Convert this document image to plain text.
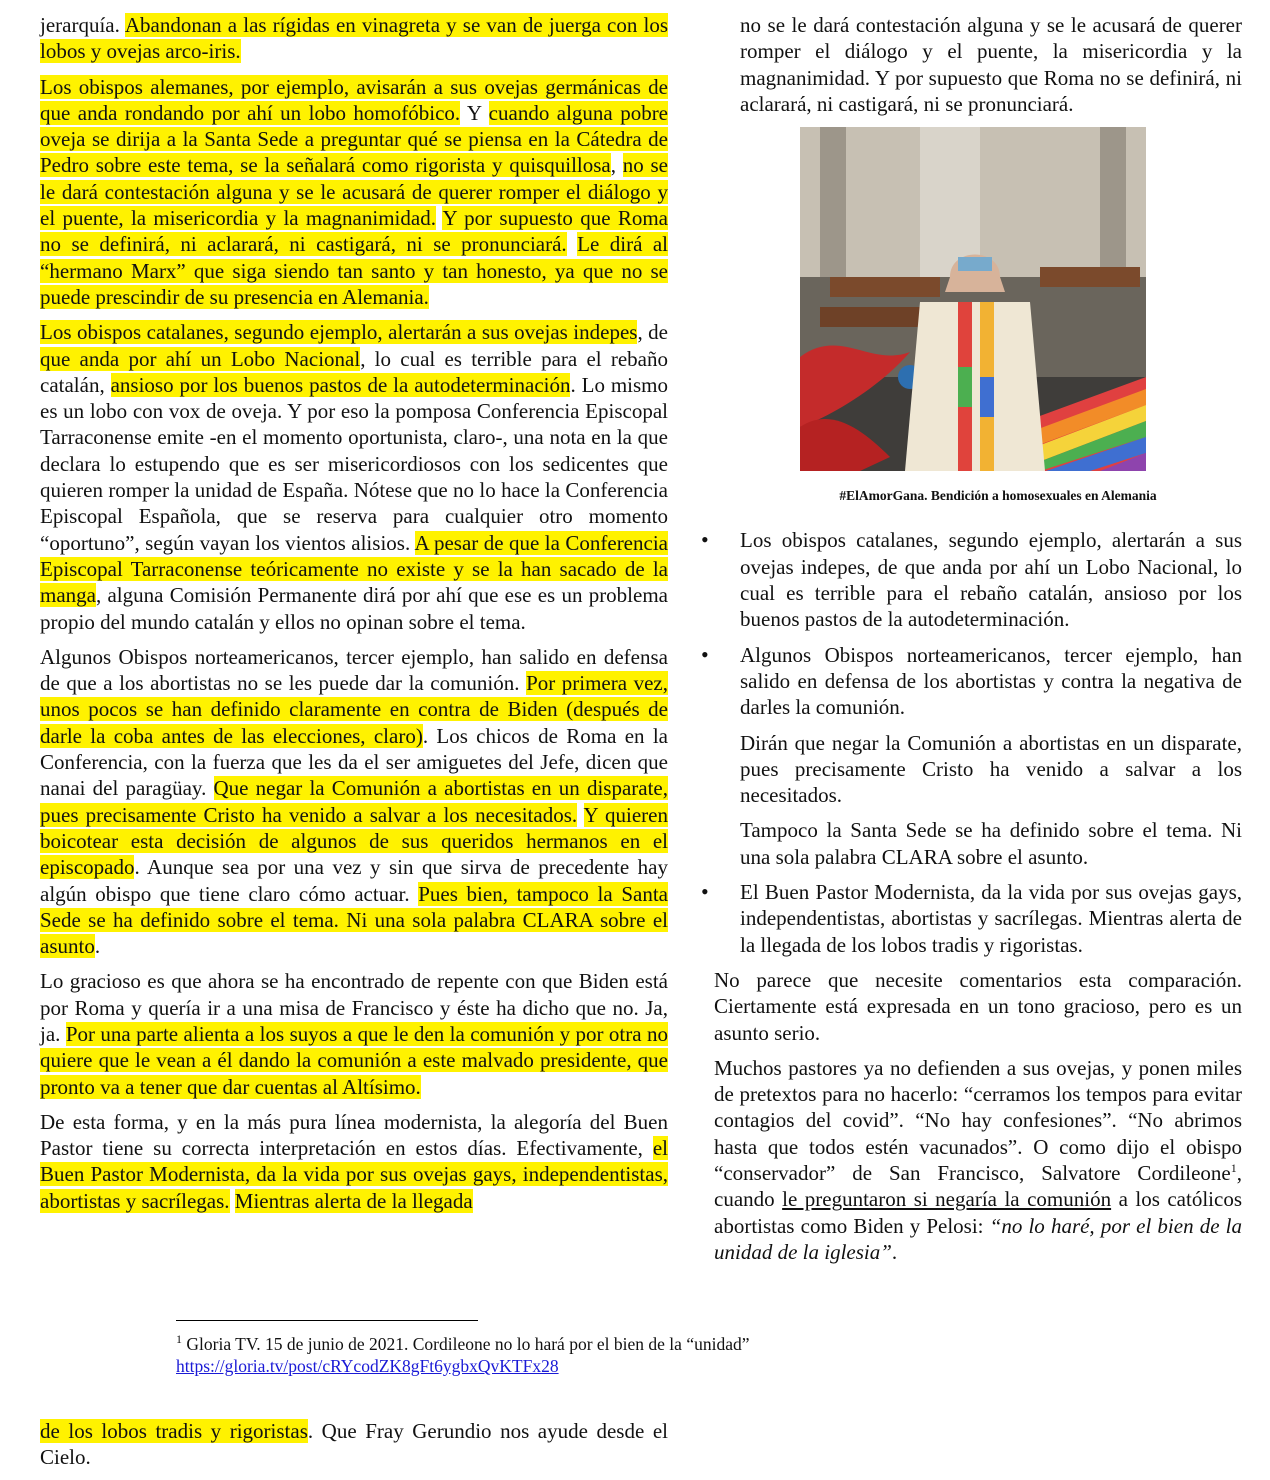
jerarquía. Abandonan a las rígidas en vinagreta y se van de juerga con los lobos y ovejas arco-iris.

Los obispos alemanes, por ejemplo, avisarán a sus ovejas germánicas de que anda rondando por ahí un lobo homofóbico. Y cuando alguna pobre oveja se dirija a la Santa Sede a preguntar qué se piensa en la Cátedra de Pedro sobre este tema, se la señalará como rigorista y quisquillosa, no se le dará contestación alguna y se le acusará de querer romper el diálogo y el puente, la misericordia y la magnanimidad. Y por supuesto que Roma no se definirá, ni aclarará, ni castigará, ni se pronunciará. Le dirá al “hermano Marx” que siga siendo tan santo y tan honesto, ya que no se puede prescindir de su presencia en Alemania.

Los obispos catalanes, segundo ejemplo, alertarán a sus ovejas indepes, de que anda por ahí un Lobo Nacional, lo cual es terrible para el rebaño catalán, ansioso por los buenos pastos de la autodeterminación. Lo mismo es un lobo con vox de oveja. Y por eso la pomposa Conferencia Episcopal Tarraconense emite -en el momento oportunista, claro-, una nota en la que declara lo estupendo que es ser misericordiosos con los sedicentes que quieren romper la unidad de España. Nótese que no lo hace la Conferencia Episcopal Española, que se reserva para cualquier otro momento “oportuno”, según vayan los vientos alisios. A pesar de que la Conferencia Episcopal Tarraconense teóricamente no existe y se la han sacado de la manga, alguna Comisión Permanente dirá por ahí que ese es un problema propio del mundo catalán y ellos no opinan sobre el tema.

Algunos Obispos norteamericanos, tercer ejemplo, han salido en defensa de que a los abortistas no se les puede dar la comunión. Por primera vez, unos pocos se han definido claramente en contra de Biden (después de darle la coba antes de las elecciones, claro). Los chicos de Roma en la Conferencia, con la fuerza que les da el ser amiguetes del Jefe, dicen que nanai del paragüay. Que negar la Comunión a abortistas en un disparate, pues precisamente Cristo ha venido a salvar a los necesitados. Y quieren boicotear esta decisión de algunos de sus queridos hermanos en el episcopado. Aunque sea por una vez y sin que sirva de precedente hay algún obispo que tiene claro cómo actuar. Pues bien, tampoco la Santa Sede se ha definido sobre el tema. Ni una sola palabra CLARA sobre el asunto.

Lo gracioso es que ahora se ha encontrado de repente con que Biden está por Roma y quería ir a una misa de Francisco y éste ha dicho que no. Ja, ja. Por una parte alienta a los suyos a que le den la comunión y por otra no quiere que le vean a él dando la comunión a este malvado presidente, que pronto va a tener que dar cuentas al Altísimo.

De esta forma, y en la más pura línea modernista, la alegoría del Buen Pastor tiene su correcta interpretación en estos días. Efectivamente, el Buen Pastor Modernista, da la vida por sus ovejas gays, independentistas, abortistas y sacrílegas. Mientras alerta de la llegada

no se le dará contestación alguna y se le acusará de querer romper el diálogo y el puente, la misericordia y la magnanimidad. Y por supuesto que Roma no se definirá, ni aclarará, ni castigará, ni se pronunciará.

#ElAmorGana. Bendición a homosexuales en Alemania
• Los obispos catalanes, segundo ejemplo, alertarán a sus ovejas indepes, de que anda por ahí un Lobo Nacional, lo cual es terrible para el rebaño catalán, ansioso por los buenos pastos de la autodeterminación.
• Algunos Obispos norteamericanos, tercer ejemplo, han salido en defensa de los abortistas y contra la negativa de darles la comunión.

Dirán que negar la Comunión a abortistas en un disparate, pues precisamente Cristo ha venido a salvar a los necesitados.

Tampoco la Santa Sede se ha definido sobre el tema. Ni una sola palabra CLARA sobre el asunto.

• El Buen Pastor Modernista, da la vida por sus ovejas gays, independentistas, abortistas y sacrílegas. Mientras alerta de la llegada de los lobos tradis y rigoristas.

No parece que necesite comentarios esta comparación. Ciertamente está expresada en un tono gracioso, pero es un asunto serio.

Muchos pastores ya no defienden a sus ovejas, y ponen miles de pretextos para no hacerlo: “cerramos los tempos para evitar contagios del covid”. “No hay confesiones”. “No abrimos hasta que todos estén vacunados”. O como dijo el obispo “conservador” de San Francisco, Salvatore Cordileone$^1$, cuando le preguntaron si negaría la comunión a los católicos abortistas como Biden y Pelosi: “no lo haré, por el bien de la unidad de la iglesia”.

$^1$ Gloria TV. 15 de junio de 2021. Cordileone no lo hará por el bien de la “unidad”
https://gloria.tv/post/cRYcodZK8gFt6ygbxQvKTFx28

de los lobos tradis y rigoristas. Que Fray Gerundio nos ayude desde el Cielo.
